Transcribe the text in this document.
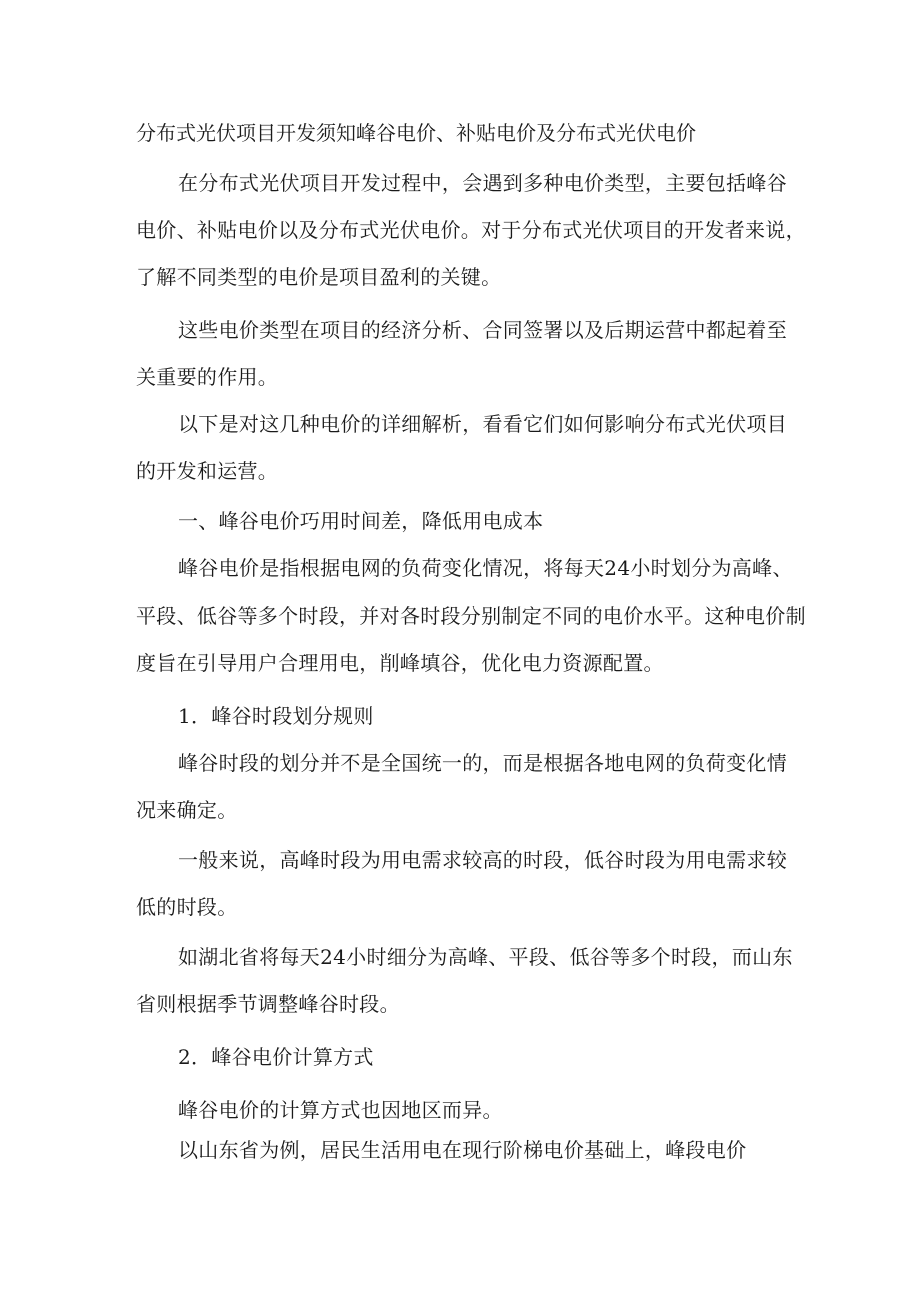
分布式光伏项目开发须知峰谷电价、补贴电价及分布式光伏电价
在分布式光伏项目开发过程中，会遇到多种电价类型，主要包括峰谷
电价、补贴电价以及分布式光伏电价。对于分布式光伏项目的开发者来说，
了解不同类型的电价是项目盈利的关键。
这些电价类型在项目的经济分析、合同签署以及后期运营中都起着至
关重要的作用。
以下是对这几种电价的详细解析，看看它们如何影响分布式光伏项目
的开发和运营。
一、峰谷电价巧用时间差，降低用电成本
峰谷电价是指根据电网的负荷变化情况，将每天24小时划分为高峰、
平段、低谷等多个时段，并对各时段分别制定不同的电价水平。这种电价制
度旨在引导用户合理用电，削峰填谷，优化电力资源配置。
1．峰谷时段划分规则
峰谷时段的划分并不是全国统一的，而是根据各地电网的负荷变化情
况来确定。
一般来说，高峰时段为用电需求较高的时段，低谷时段为用电需求较
低的时段。
如湖北省将每天24小时细分为高峰、平段、低谷等多个时段，而山东
省则根据季节调整峰谷时段。
2．峰谷电价计算方式
峰谷电价的计算方式也因地区而异。
以山东省为例，居民生活用电在现行阶梯电价基础上，峰段电价
